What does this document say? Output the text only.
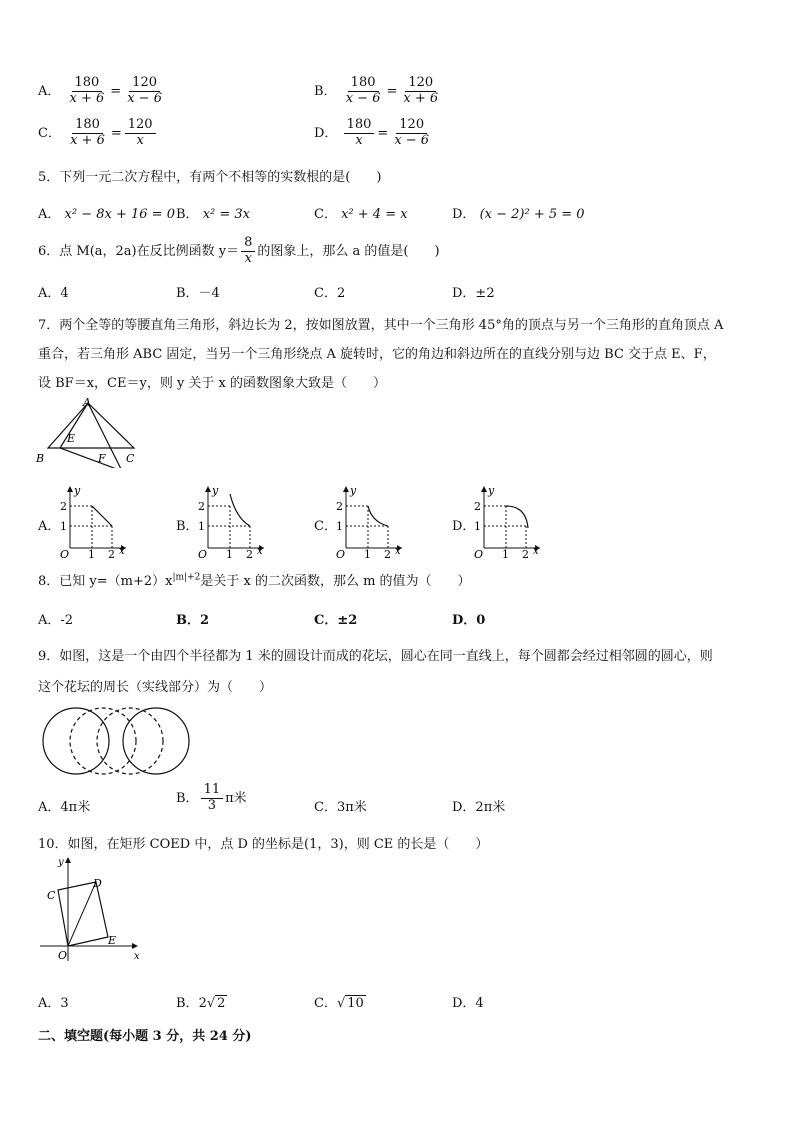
A． $\frac{180}{x + 6} = \frac{120}{x - 6}$	B． $\frac{180}{x - 6} = \frac{120}{x + 6}$
C． $\frac{180}{x + 6} = \frac{120}{x}$	D． $\frac{180}{x} = \frac{120}{x - 6}$
5．下列一元二次方程中，有两个不相等的实数根的是(　　)
A． x² − 8x + 16 = 0 B． x² = 3x	C． x² + 4 = x	D． (x − 2)² + 5 = 0
6．点 M(a，2a)在反比例函数 $y= \frac{8}{x}$ 的图象上，那么 a 的值是(　　)
A．4	B．－4	C．2	D．±2
7．两个全等的等腰直角三角形，斜边长为 2，按如图放置，其中一个三角形 45°角的顶点与另一个三角形的直角顶点 A
重合，若三角形 ABC 固定，当另一个三角形绕点 A 旋转时，它的角边和斜边所在的直线分别与边 BC 交于点 E、F，
设 BF＝x，CE＝y，则 y 关于 x 的函数图象大致是（　　）
A
B	C
E
F
A．	B．	C．	D．
y
2
1
O 1 2 x
y
2
1
O 1 2 x
y
2
1
O 1 2 x
y
2
1
O 1 2 x
8．已知 $y=(m+2)x^{|m|+2}$是关于 x 的二次函数，那么 m 的值为（　　）
A．-2	B．2	C．±2	D．0
9．如图，这是一个由四个半径都为 1 米的圆设计而成的花坛，圆心在同一直线上，每个圆都会经过相邻圆的圆心，则
这个花坛的周长（实线部分）为（　　）
A．4π米
B． $\frac{11}{3}$ π米
C．3π米	D．2π米
10．如图，在矩形 COED 中，点 D 的坐标是(1，3)，则 CE 的长是（　　）
y
x
O
C
D
E
A．3	B．2√ 2	C．√ 10	D．4
二、填空题(每小题 3 分，共 24 分)
